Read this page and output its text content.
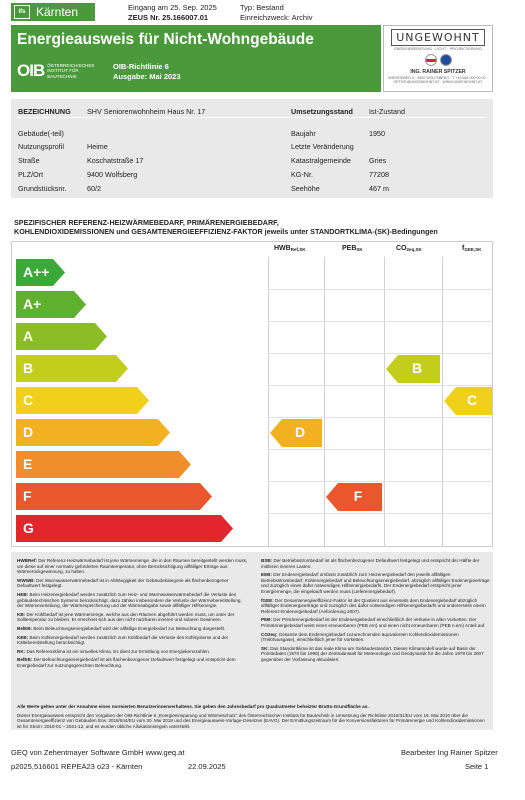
ifs Kärnten	Eingang am 25. Sep. 2025
ZEUS Nr. 25.166007.01
Typ: Bestand
Einreichzweck: Archiv
Energieausweis für Nicht-Wohngebäude
OIB ÖSTERREICHISCHES INSTITUT FÜR BAUTECHNIK
OIB-Richtlinie 6
Ausgabe: Mai 2023
UNGEWOHNT
ENERGIEBERATUNG · LICHT · PROJEKTIERUNG
ING. RAINER SPITZER
WIESENWEG 3 · 9400 WOLFSBERG · T +43 664 000 00 00 · OFFICE@UNGEWOHNT.AT · WWW.UNGEWOHNT.AT
BEZEICHNUNG SHV Seniorenwohnheim Haus Nr. 17	Umsetzungsstand Ist-Zustand
Gebäude(-teil)
Nutzungsprofil	Heime
Straße	Koschatstraße 17
PLZ/Ort	9400 Wolfsberg
Grundstücksnr.	60/2
Baujahr	1950
Letzte Veränderung
Katastralgemeinde	Gries
KG-Nr.	77208
Seehöhe	467 m
SPEZIFISCHER REFERENZ-HEIZWÄRMEBEDARF, PRIMÄRENERGIEBEDARF,
KOHLENDIOXIDEMISSIONEN und GESAMTENERGIEEFFIZIENZ-FAKTOR jeweils unter STANDORTKLIMA-(SK)-Bedingungen
$HWB_{Ref,SK}$	$PEB_{SK}$	$CO_{2eq,SK}$	$f_{GEE,SK}$
A++
A+
A
B
C
D
E
F
G
D
F
B
C
HWBRef: Der Referenz-Heizwärmebedarf ist jene Wärmemenge, die in den Räumen bereitgestellt werden muss, um diese auf einer normativ geforderten Raumtemperatur, ohne Berücksichtigung allfälliger Erträge aus Wärmerückgewinnung, zu halten.
WWWB: Der Warmwasserwärmebedarf ist in Abhängigkeit der Gebäudekategorie als flächenbezogener Defaultwert festgelegt.
HEB: Beim Heizenergiebedarf werden zusätzlich zum Heiz- und Warmwasserwärmebedarf die Verluste des gebäudetechnischen Systems berücksichtigt, dazu zählen insbesondere die Verluste der Wärmebereitstellung, der Wärmeverteilung, der Wärmespeicherung und der Wärmeabgabe sowie allfälliger Hilfsenergie.
KB: Der Kühlbedarf ist jene Wärmemenge, welche aus den Räumen abgeführt werden muss, um unter der Solltemperatur zu bleiben. Er errechnet sich aus den nicht nutzbaren inneren und solaren Gewinnen.
BelEB: Beim Beleuchtungsenergiebedarf wird der allfällige Energiebedarf zur Beleuchtung dargestellt.
KEB: Beim Kühlenergiebedarf werden zusätzlich zum Kühlbedarf die Verluste des Kühlsystems und der Kältebereitstellung berücksichtigt.
RK: Das Referenzklima ist ein virtuelles Klima. Es dient zur Ermittlung von Energiekennzahlen.
BefEB: Der Befeuchtungsenergiebedarf ist als flächenbezogener Defaultwert festgelegt und entspricht dem Energiebedarf zur nutzungsgerechten Befeuchtung.
BSB: Der Betriebsstrombedarf ist als flächenbezogener Defaultwert festgelegt und entspricht der Hälfte der mittleren inneren Lasten.
EEB: Der Endenergiebedarf umfasst zusätzlich zum Heizenergiebedarf den jeweils allfälligen Betriebsstrombedarf, Kühlenergiebedarf und Beleuchtungsenergiebedarf, abzüglich allfälliger Endenergieerträge und zuzüglich eines dafür notwendigen Hilfsenergiebedarfs. Der Endenergiebedarf entspricht jener Energiemenge, die eingekauft werden muss (Lieferenergiebedarf).
fGEE: Der Gesamtenergieeffizienz-Faktor ist der Quotient aus einerseits dem Endenergiebedarf abzüglich allfälliger Endenergieerträge und zuzüglich des dafür notwendigen Hilfsenergiebedarfs und andererseits einem Referenz-Endenergiebedarf (Anforderung 2007).
PEB: Der Primärenergiebedarf ist der Endenergiebedarf einschließlich der Verluste in allen Vorketten. Der Primärenergiebedarf weist einen erneuerbaren (PEB ern) und einen nicht erneuerbaren (PEB n.ern) Anteil auf.
CO2eq: Gesamte dem Endenergiebedarf zuzurechnenden äquivalenten Kohlendioxidemissionen (Treibhausgase), einschließlich jener für Vorketten.
SK: Das Standortklima ist das reale Klima am Gebäudestandort. Dieses Klimamodell wurde auf Basis der Primärdaten (1970 bis 1999) der Zentralanstalt für Meteorologie und Geodynamik für die Jahre 1978 bis 2007 gegenüber der Vorfassung aktualisiert.

Alle Werte gelten unter der Annahme eines normierten Benutzerinnenverhaltens. Sie geben den Jahresbedarf pro Quadratmeter beheizter Brutto-Grundfläche an.

Dieser Energieausweis entspricht den Vorgaben der OIB-Richtlinie 6 „Energieeinsparung und Wärmeschutz“ des Österreichischen Instituts für Bautechnik in Umsetzung der Richtlinie 2010/31/EU vom 19. Mai 2010 über die Gesamtenergieeffizienz von Gebäuden bzw. 2018/844/EU vom 30. Mai 2018 und des Energieausweis-Vorlage-Gesetzes (EAVG). Der Ermittlungszeitraum für die Konversionsfaktoren für Primärenergie und Kohlendioxidemissionen ist für Strom: 2018-01 – 2021-12, und es wurden übliche Allokationsregeln unterstellt.

GEQ von Zehentmayer Software GmbH www.geq.at
p2025,516601 REPEA23 o23 - Kärnten	22.09.2025
Bearbeiter Ing Rainer Spitzer
Seite 1
